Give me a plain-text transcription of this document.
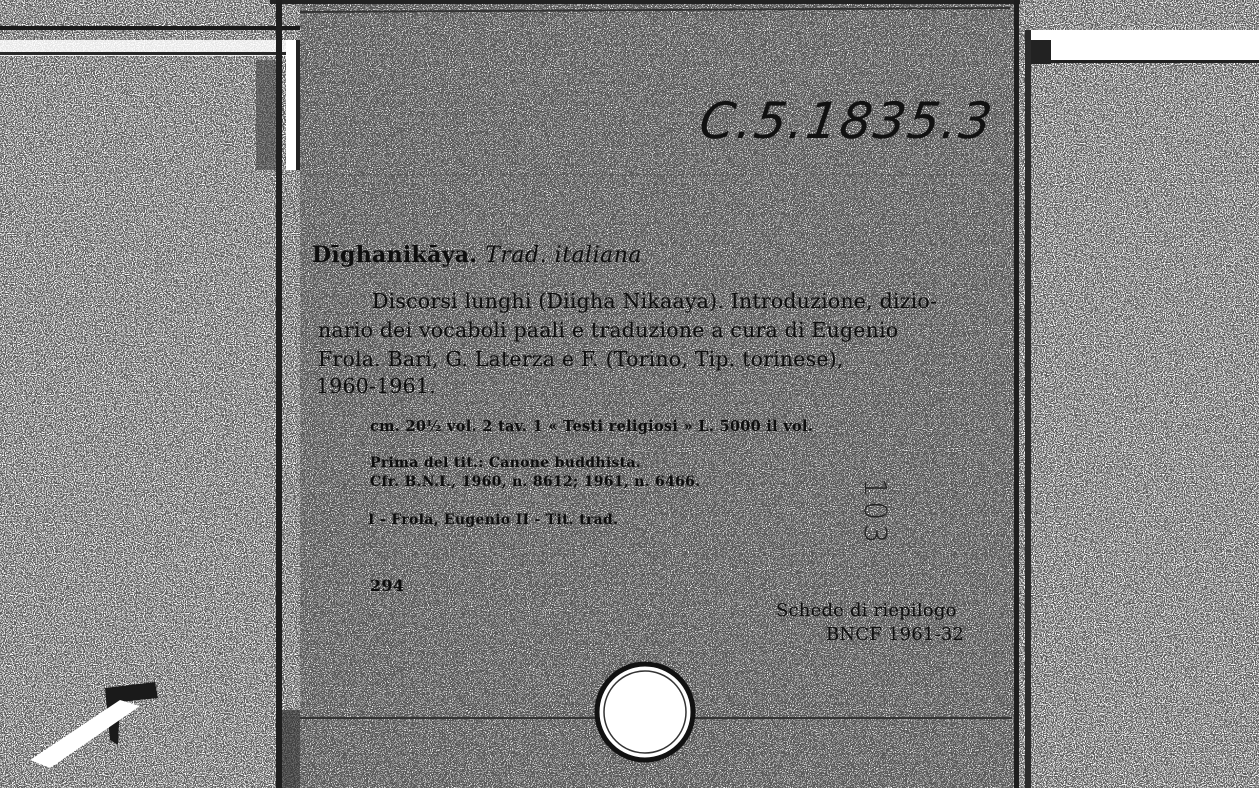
C.5.1835.3
Dīghanikāya. Trad. italiana
Discorsi lunghi (Diigha Nikaaya). Introduzione, dizio-
nario dei vocaboli paali e traduzione a cura di Eugenio
Frola. Bari, G. Laterza e F. (Torino, Tip. torinese),
1960-1961.
cm. 20½ vol. 2 tav. 1 « Testi religiosi » L. 5000 il vol.
Prima del tit.: Canone buddhista.
Cfr. B.N.I., 1960, n. 8612; 1961, n. 6466.
I - Frola, Eugenio II - Tit. trad.	103
294
Schede di riepilogo
BNCF 1961-32
